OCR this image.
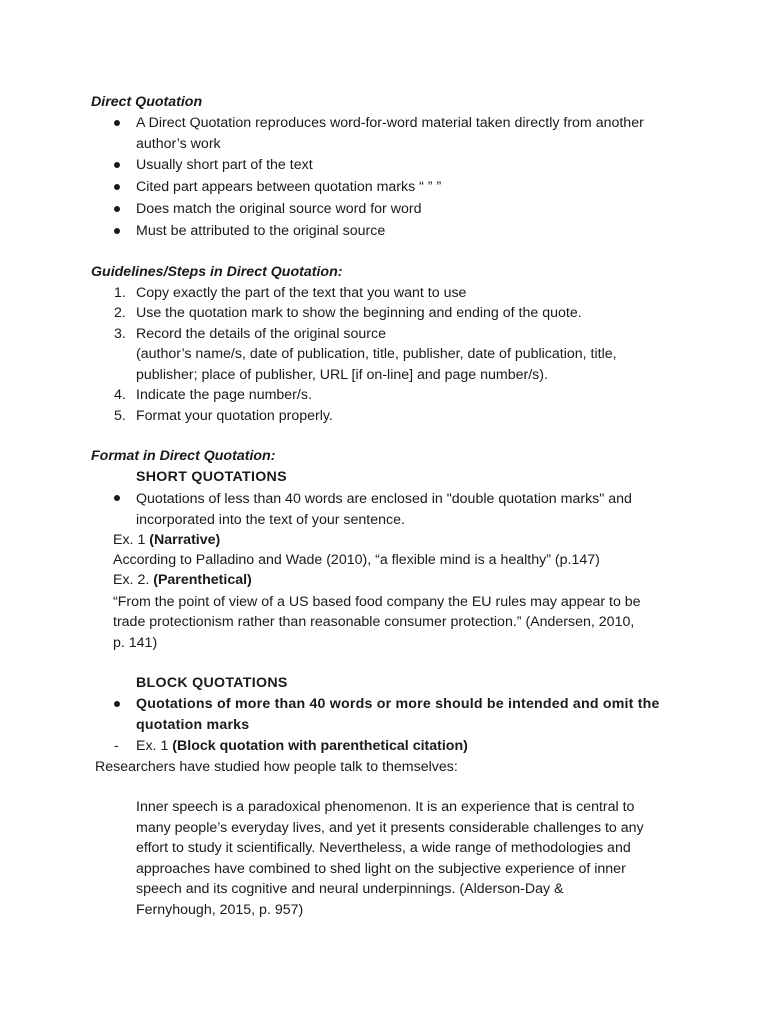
Direct Quotation
A Direct Quotation reproduces word-for-word material taken directly from another
author’s work
Usually short part of the text
Cited part appears between quotation marks “ ” ”
Does match the original source word for word
Must be attributed to the original source
Guidelines/Steps in Direct Quotation:
1. Copy exactly the part of the text that you want to use
2. Use the quotation mark to show the beginning and ending of the quote.
3. Record the details of the original source
(author’s name/s, date of publication, title, publisher, date of publication, title,
publisher; place of publisher, URL [if on-line] and page number/s).
4. Indicate the page number/s.
5. Format your quotation properly.
Format in Direct Quotation:
SHORT QUOTATIONS
Quotations of less than 40 words are enclosed in "double quotation marks" and
incorporated into the text of your sentence.
Ex. 1 (Narrative)
According to Palladino and Wade (2010), “a flexible mind is a healthy” (p.147)
Ex. 2. (Parenthetical)
“From the point of view of a US based food company the EU rules may appear to be
trade protectionism rather than reasonable consumer protection.” (Andersen, 2010,
p. 141)
BLOCK QUOTATIONS
Quotations of more than 40 words or more should be intended and omit the
quotation marks
- Ex. 1 (Block quotation with parenthetical citation)
Researchers have studied how people talk to themselves:
Inner speech is a paradoxical phenomenon. It is an experience that is central to
many people’s everyday lives, and yet it presents considerable challenges to any
effort to study it scientifically. Nevertheless, a wide range of methodologies and
approaches have combined to shed light on the subjective experience of inner
speech and its cognitive and neural underpinnings. (Alderson-Day &
Fernyhough, 2015, p. 957)
